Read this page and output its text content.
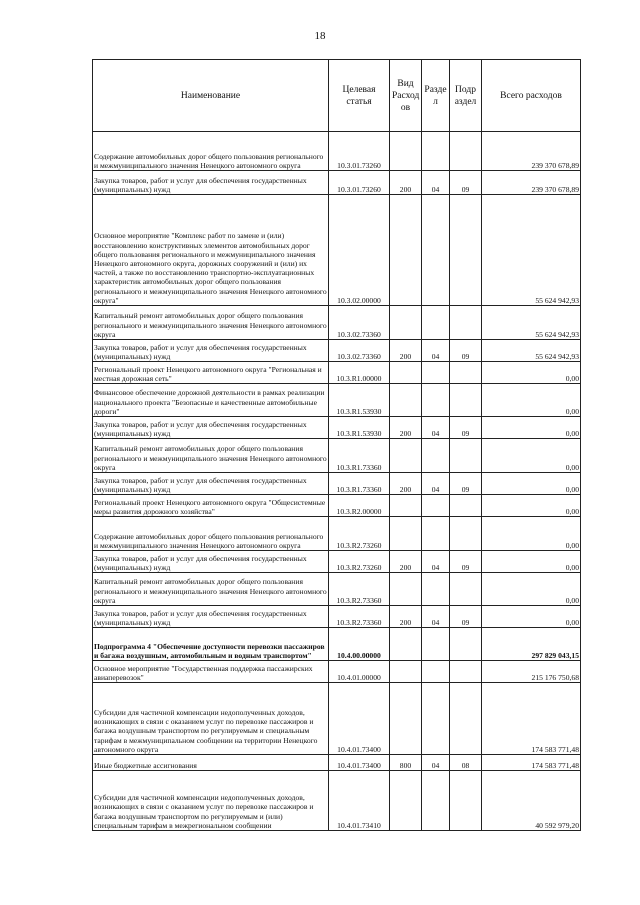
18
Наименование	Целевая статья	Вид Расход ов	Разде л	Подр аздел	Всего расходов
Содержание автомобильных дорог общего пользования регионального и межмуниципального значения Ненецкого автономного округа	10.3.01.73260				239 370 678,89
Закупка товаров, работ и услуг для обеспечения государственных (муниципальных) нужд	10.3.01.73260	200	04	09	239 370 678,89
Основное мероприятие "Комплекс работ по замене и (или) восстановлению конструктивных элементов автомобильных дорог общего пользования регионального и межмуниципального значения Ненецкого автономного округа, дорожных сооружений и (или) их частей, а также по восстановлению транспортно-эксплуатационных характеристик автомобильных дорог общего пользования регионального и межмуниципального значения Ненецкого автономного округа"	10.3.02.00000				55 624 942,93
Капитальный ремонт автомобильных дорог общего пользования регионального и межмуниципального значения Ненецкого автономного округа	10.3.02.73360				55 624 942,93
Закупка товаров, работ и услуг для обеспечения государственных (муниципальных) нужд	10.3.02.73360	200	04	09	55 624 942,93
Региональный проект Ненецкого автономного округа "Региональная и местная дорожная сеть"	10.3.R1.00000				0,00
Финансовое обеспечение дорожной деятельности в рамках реализации национального проекта "Безопасные и качественные автомобильные дороги"	10.3.R1.53930				0,00
Закупка товаров, работ и услуг для обеспечения государственных (муниципальных) нужд	10.3.R1.53930	200	04	09	0,00
Капитальный ремонт автомобильных дорог общего пользования регионального и межмуниципального значения Ненецкого автономного округа	10.3.R1.73360				0,00
Закупка товаров, работ и услуг для обеспечения государственных (муниципальных) нужд	10.3.R1.73360	200	04	09	0,00
Региональный проект Ненецкого автономного округа "Общесистемные меры развития дорожного хозяйства"	10.3.R2.00000				0,00
Содержание автомобильных дорог общего пользования регионального и межмуниципального значения Ненецкого автономного округа	10.3.R2.73260				0,00
Закупка товаров, работ и услуг для обеспечения государственных (муниципальных) нужд	10.3.R2.73260	200	04	09	0,00
Капитальный ремонт автомобильных дорог общего пользования регионального и межмуниципального значения Ненецкого автономного округа	10.3.R2.73360				0,00
Закупка товаров, работ и услуг для обеспечения государственных (муниципальных) нужд	10.3.R2.73360	200	04	09	0,00
Подпрограмма 4 "Обеспечение доступности перевозки пассажиров и багажа воздушным, автомобильным и водным транспортом"	10.4.00.00000				297 829 043,15
Основное мероприятие "Государственная поддержка пассажирских авиаперевозок"	10.4.01.00000				215 176 750,68
Субсидии для частичной компенсации недополученных доходов, возникающих в связи с оказанием услуг по перевозке пассажиров и багажа воздушным транспортом по регулируемым и специальным тарифам в межмуниципальном сообщении на территории Ненецкого автономного округа	10.4.01.73400				174 583 771,48
Иные бюджетные ассигнования	10.4.01.73400	800	04	08	174 583 771,48
Субсидии для частичной компенсации недополученных доходов, возникающих в связи с оказанием услуг по перевозке пассажиров и багажа воздушным транспортом по регулируемым и (или) специальным тарифам в межрегиональном сообщении	10.4.01.73410				40 592 979,20
